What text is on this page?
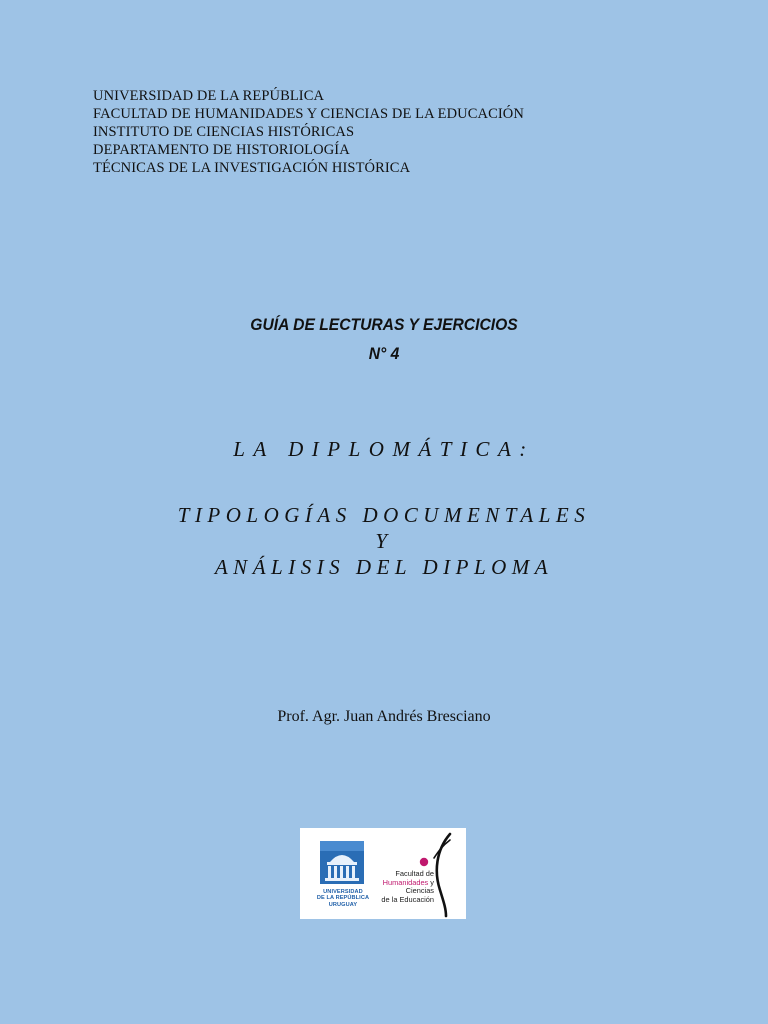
UNIVERSIDAD DE LA REPÚBLICA
FACULTAD DE HUMANIDADES Y CIENCIAS DE LA EDUCACIÓN
INSTITUTO DE CIENCIAS HISTÓRICAS
DEPARTAMENTO DE HISTORIOLOGÍA
TÉCNICAS DE LA INVESTIGACIÓN HISTÓRICA
GUÍA DE LECTURAS Y EJERCICIOS
N° 4
LA DIPLOMÁTICA:
TIPOLOGÍAS DOCUMENTALES
Y
ANÁLISIS DEL DIPLOMA
Prof. Agr. Juan Andrés Bresciano
UNIVERSIDAD
DE LA REPÚBLICA
URUGUAY
Facultad de
Humanidades y
Ciencias
de la Educación
